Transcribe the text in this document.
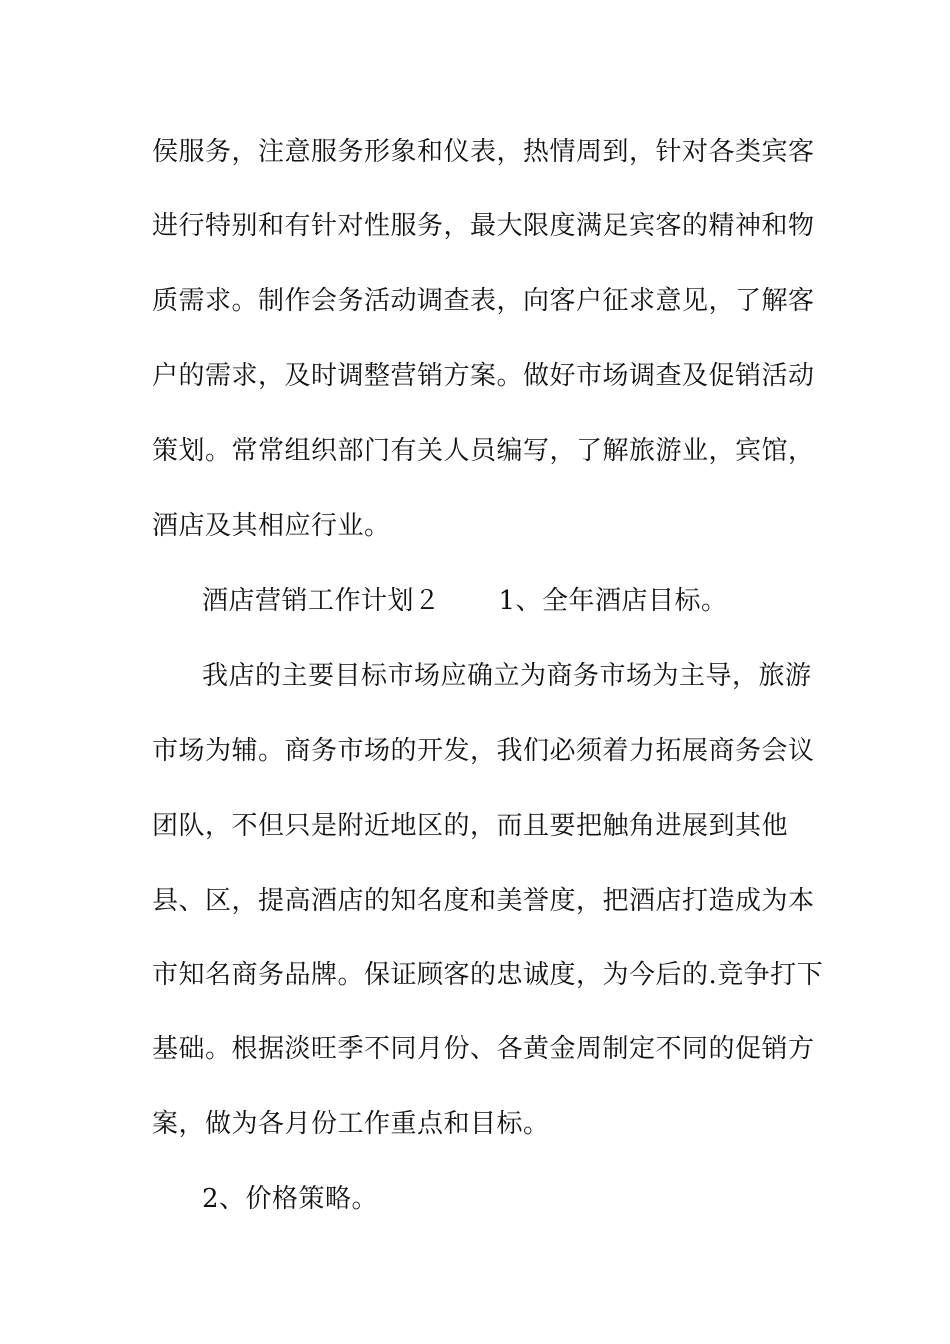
侯服务，注意服务形象和仪表，热情周到，针对各类宾客
进行特别和有针对性服务，最大限度满足宾客的精神和物
质需求。制作会务活动调查表，向客户征求意见，了解客
户的需求，及时调整营销方案。做好市场调查及促销活动
策划。常常组织部门有关人员编写，了解旅游业，宾馆，
酒店及其相应行业。
酒店营销工作计划２ 1、全年酒店目标。
我店的主要目标市场应确立为商务市场为主导，旅游
市场为辅。商务市场的开发，我们必须着力拓展商务会议
团队，不但只是附近地区的，而且要把触角进展到其他
县、区，提高酒店的知名度和美誉度，把酒店打造成为本
市知名商务品牌。保证顾客的忠诚度，为今后的.竞争打下
基础。根据淡旺季不同月份、各黄金周制定不同的促销方
案，做为各月份工作重点和目标。
2、价格策略。
